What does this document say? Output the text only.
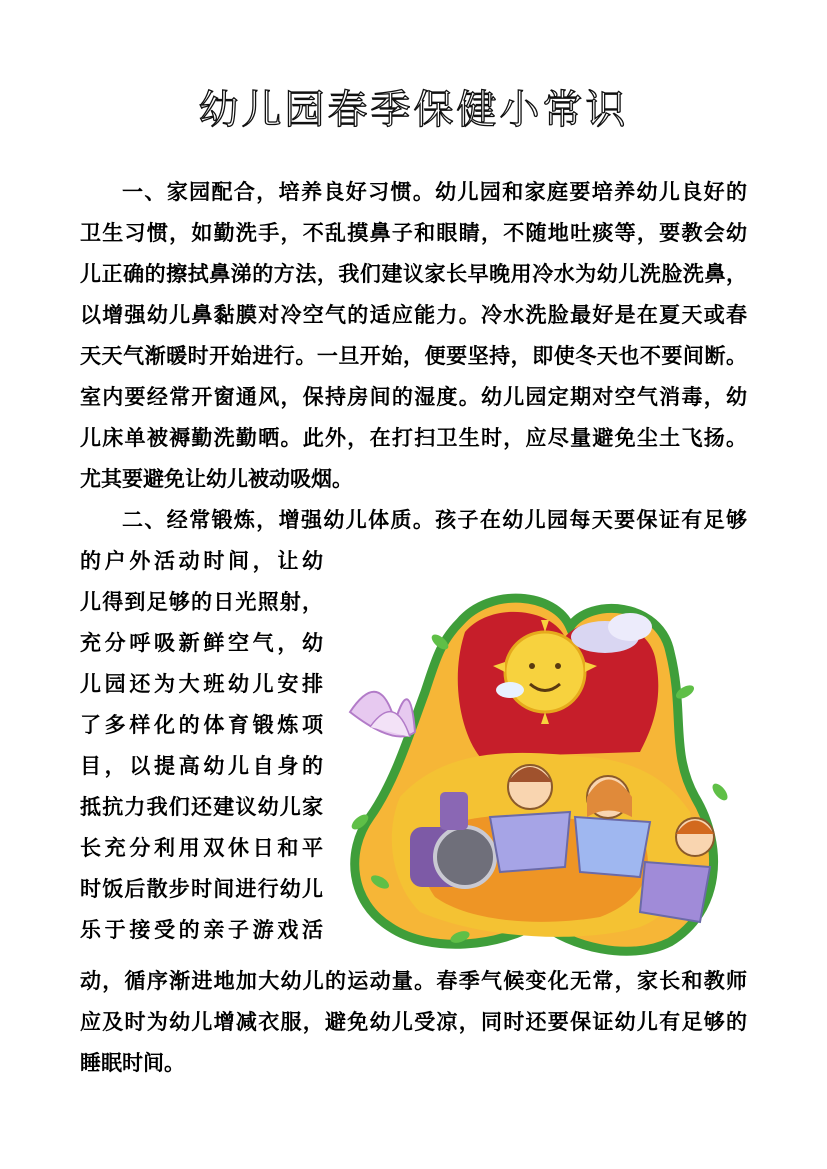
幼儿园春季保健小常识

一、家园配合，培养良好习惯。幼儿园和家庭要培养幼儿良好的

卫生习惯，如勤洗手，不乱摸鼻子和眼睛，不随地吐痰等，要教会幼

儿正确的擦拭鼻涕的方法，我们建议家长早晚用冷水为幼儿洗脸洗鼻，

以增强幼儿鼻黏膜对冷空气的适应能力。冷水洗脸最好是在夏天或春

天天气渐暖时开始进行。一旦开始，便要坚持，即使冬天也不要间断。

室内要经常开窗通风，保持房间的湿度。幼儿园定期对空气消毒，幼

儿床单被褥勤洗勤晒。此外，在打扫卫生时，应尽量避免尘土飞扬。

尤其要避免让幼儿被动吸烟。

二、经常锻炼，增强幼儿体质。孩子在幼儿园每天要保证有足够

的户外活动时间，让幼

儿得到足够的日光照射，

充分呼吸新鲜空气，幼

儿园还为大班幼儿安排

了多样化的体育锻炼项

目，以提高幼儿自身的

抵抗力我们还建议幼儿家

长充分利用双休日和平

时饭后散步时间进行幼儿

乐于接受的亲子游戏活

动，循序渐进地加大幼儿的运动量。春季气候变化无常，家长和教师

应及时为幼儿增减衣服，避免幼儿受凉，同时还要保证幼儿有足够的

睡眠时间。
